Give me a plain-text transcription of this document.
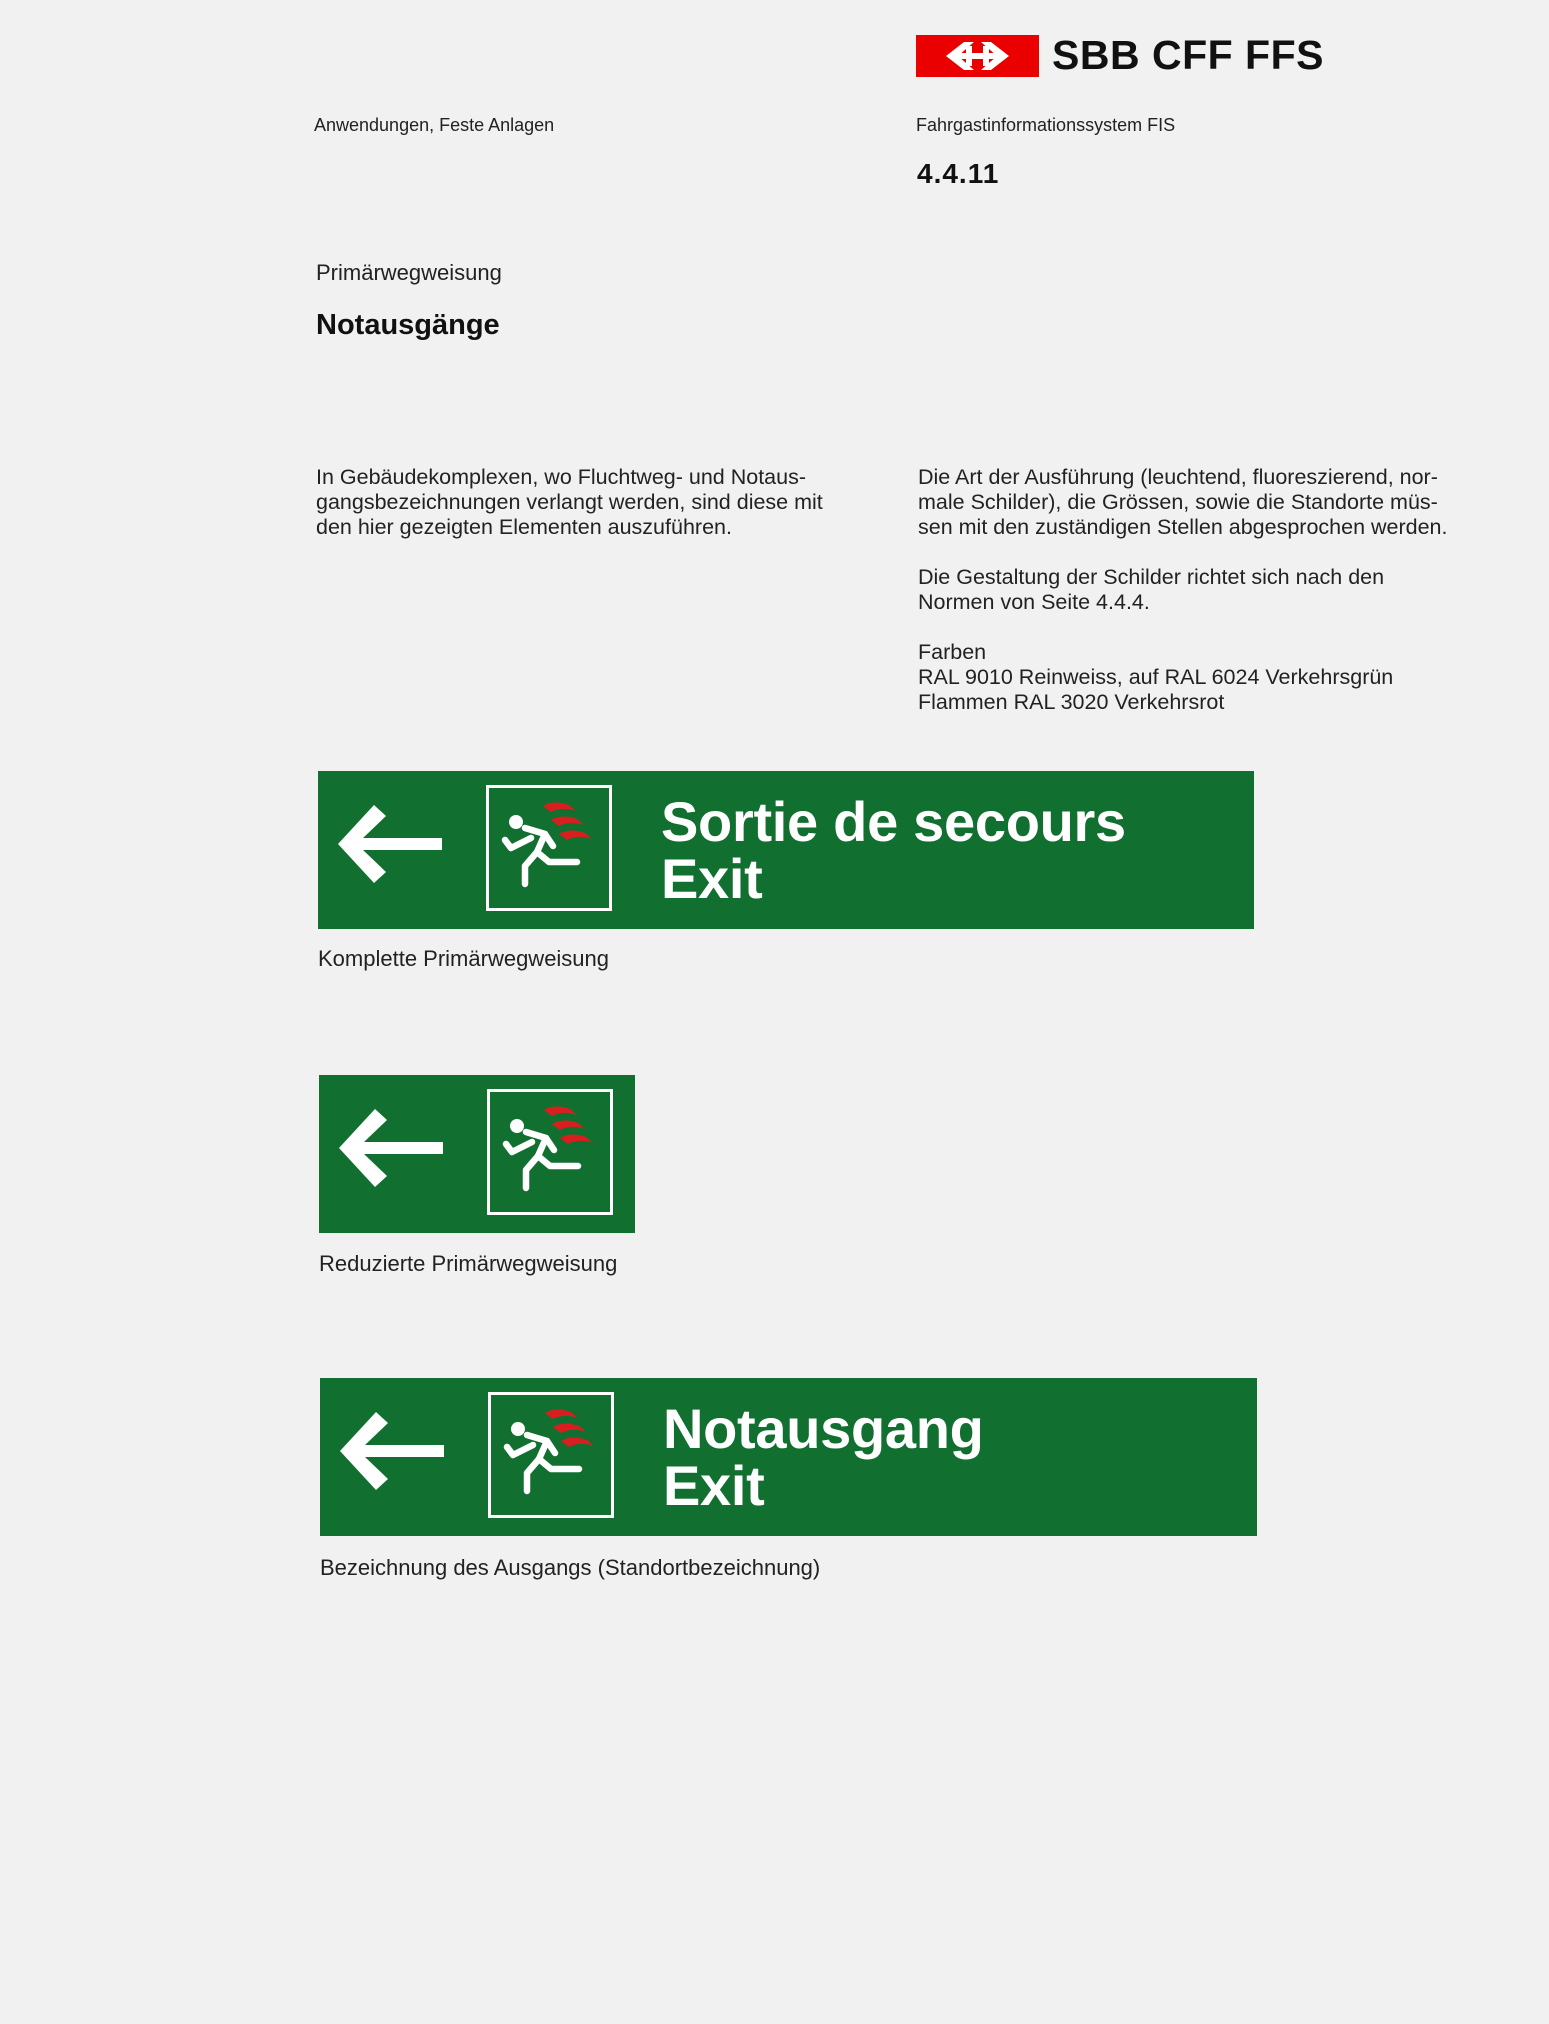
SBB CFF FFS
Anwendungen, Feste Anlagen	Fahrgastinformationssystem FIS
4.4.11
Primärwegweisung
Notausgänge
In Gebäudekomplexen, wo Fluchtweg- und Notaus-
gangsbezeichnungen verlangt werden, sind diese mit
den hier gezeigten Elementen auszuführen.
Die Art der Ausführung (leuchtend, fluoreszierend, nor-
male Schilder), die Grössen, sowie die Standorte müs-
sen mit den zuständigen Stellen abgesprochen werden.
Die Gestaltung der Schilder richtet sich nach den
Normen von Seite 4.4.4.
Farben
RAL 9010 Reinweiss, auf RAL 6024 Verkehrsgrün
Flammen RAL 3020 Verkehrsrot
Sortie de secours
Exit
Komplette Primärwegweisung
Reduzierte Primärwegweisung
Notausgang
Exit
Bezeichnung des Ausgangs (Standortbezeichnung)
